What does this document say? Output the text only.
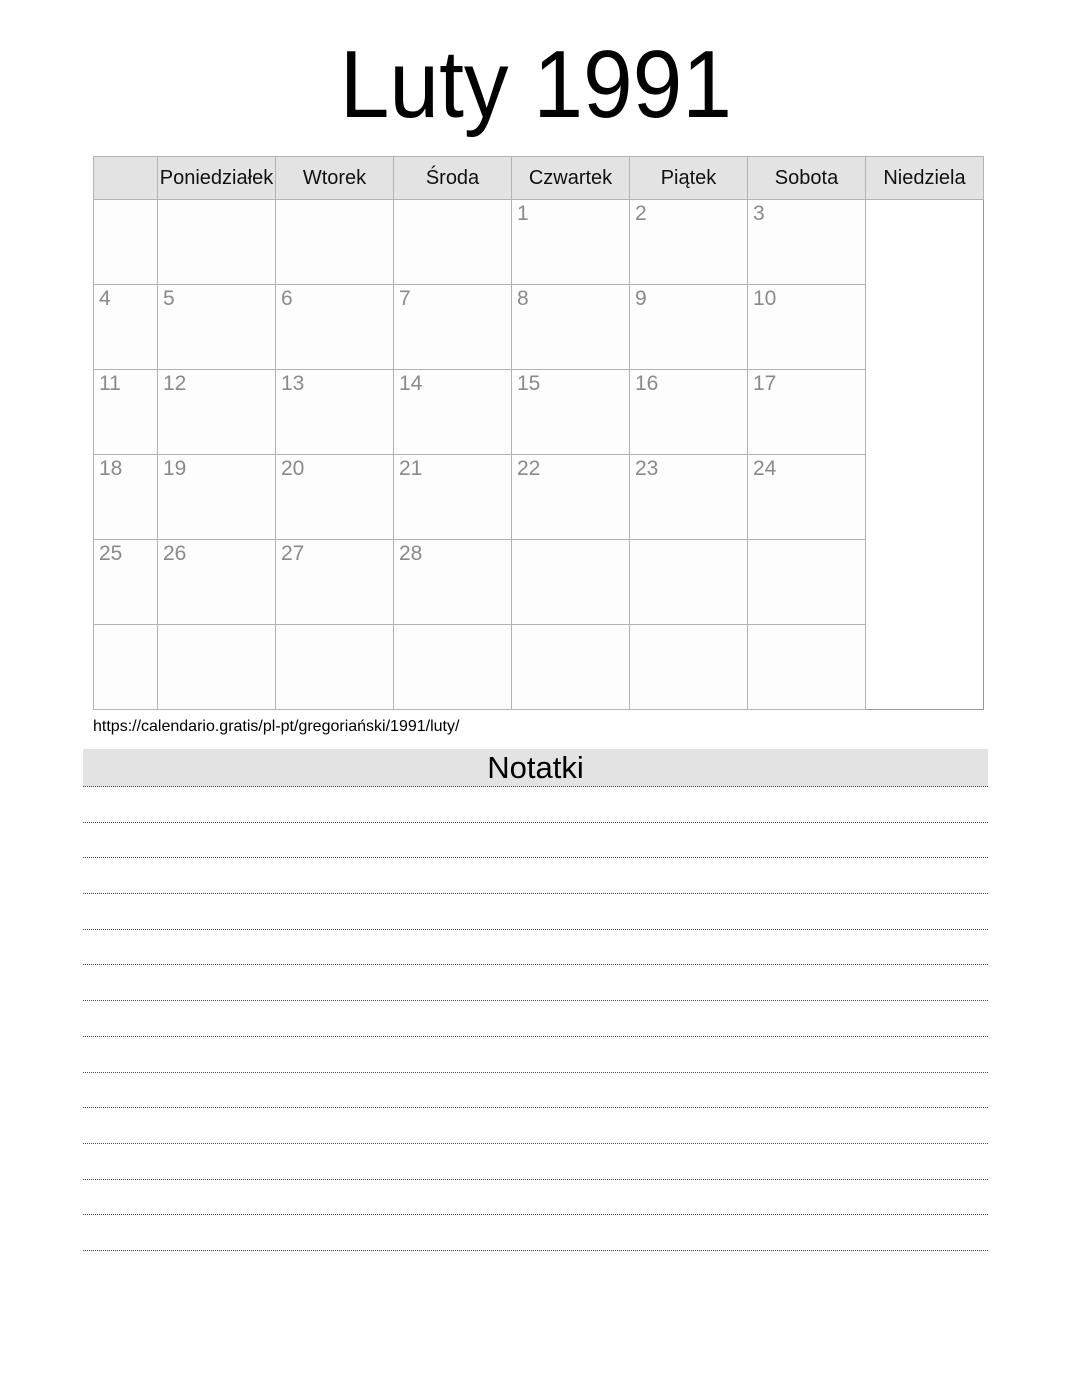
Luty 1991
	Poniedziałek	Wtorek	Środa	Czwartek	Piątek	Sobota	Niedziela

				1	2	3	

4	5	6	7	8	9	10	

11	12	13	14	15	16	17	

18	19	20	21	22	23	24	

25	26	27	28				

https://calendario.gratis/pl-pt/gregoriański/1991/luty/
Notatki
